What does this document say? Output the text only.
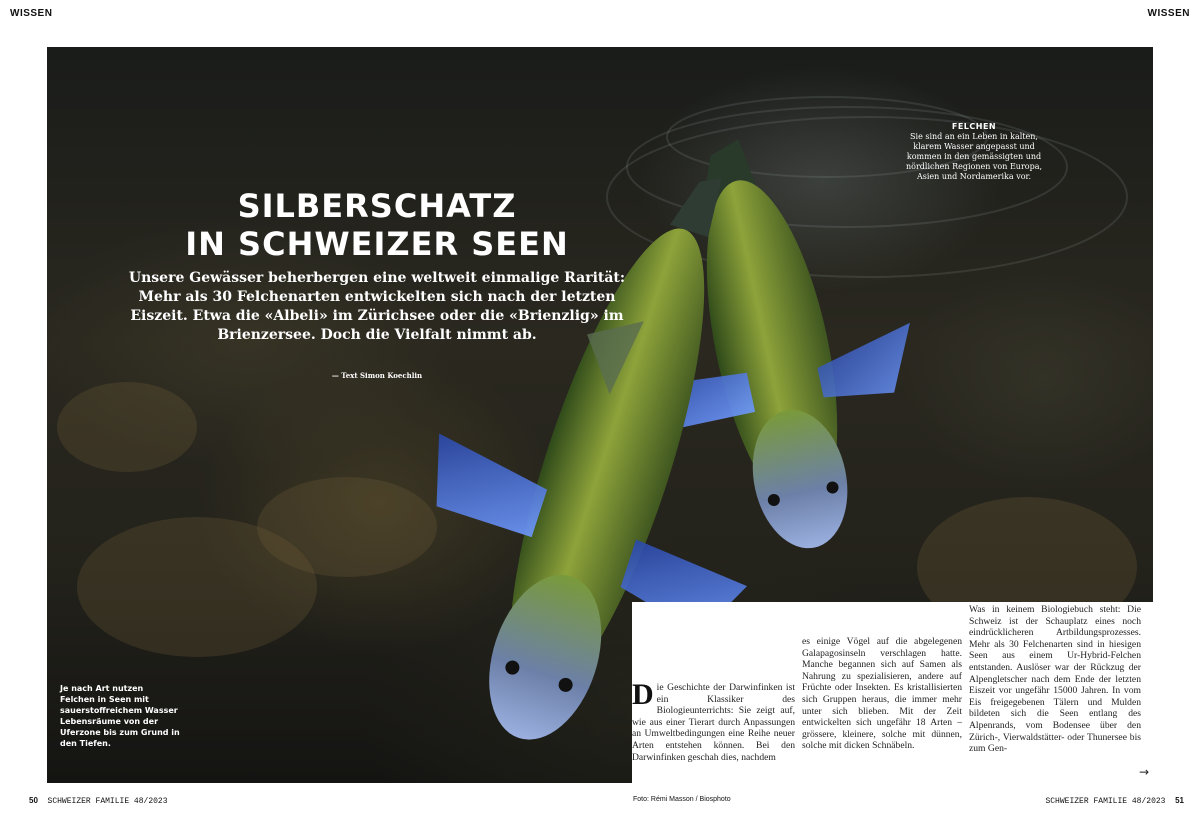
WISSEN	WISSEN
SILBERSCHATZ
IN SCHWEIZER SEEN

Unsere Gewässer beherbergen eine weltweit einmalige Rarität: Mehr als 30 Felchenarten entwickelten sich nach der letzten Eiszeit. Etwa die «Albeli» im Zürichsee oder die «Brienzlig» im Brienzersee. Doch die Vielfalt nimmt ab.

— Text Simon Koechlin
FELCHEN
Sie sind an ein Leben in kalten, klarem Wasser angepasst und kommen in den gemässigten und nördlichen Regionen von Europa, Asien und Nordamerika vor.
Je nach Art nutzen Felchen in Seen mit sauerstoffreichem Wasser Lebensräume von der Uferzone bis zum Grund in den Tiefen.
Die Geschichte der Darwinfinken ist ein Klassiker des Biologieunterrichts: Sie zeigt auf, wie aus einer Tierart durch Anpassungen an Umweltbedingungen eine Reihe neuer Arten entstehen können. Bei den Darwinfinken geschah dies, nachdem
es einige Vögel auf die abgelegenen Galapagosinseln verschlagen hatte. Manche begannen sich auf Samen als Nahrung zu spezialisieren, andere auf Früchte oder Insekten. Es kristallisierten sich Gruppen heraus, die immer mehr unter sich blieben. Mit der Zeit entwickelten sich ungefähr 18 Arten – grössere, kleinere, solche mit dünnen, solche mit dicken Schnäbeln.
Was in keinem Biologiebuch steht: Die Schweiz ist der Schauplatz eines noch eindrücklicheren Artbildungsprozesses. Mehr als 30 Felchenarten sind in hiesigen Seen aus einem Ur-Hybrid-Felchen entstanden. Auslöser war der Rückzug der Alpengletscher nach dem Ende der letzten Eiszeit vor ungefähr 15000 Jahren. In vom Eis freigegebenen Tälern und Mulden bildeten sich die Seen entlang des Alpenrands, vom Bodensee über den Zürich-, Vierwaldstätter- oder Thunersee bis zum Gen-
→
50 SCHWEIZER FAMILIE 48/2023	Foto: Rémi Masson / Biosphoto	SCHWEIZER FAMILIE 48/2023 51
